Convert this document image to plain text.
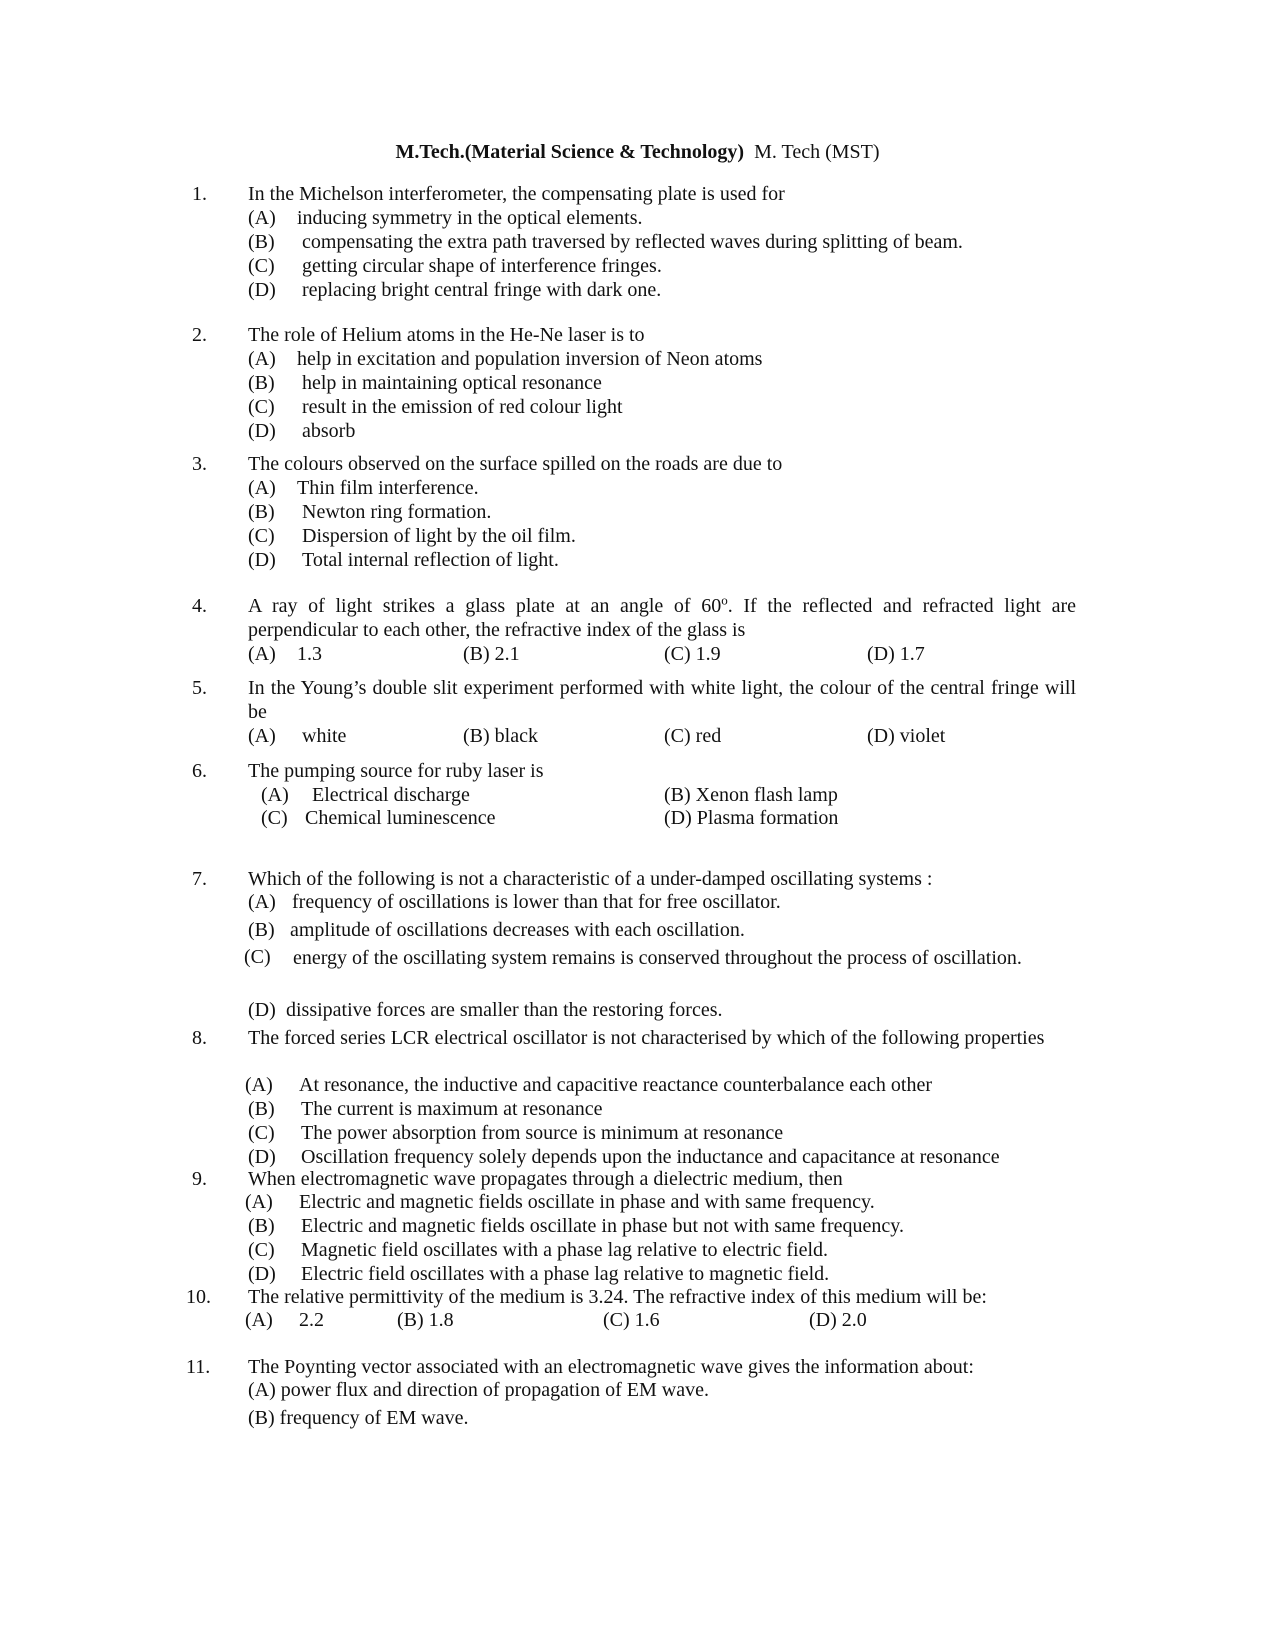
M.Tech.(Material Science & Technology) M. Tech (MST)
1. In the Michelson interferometer, the compensating plate is used for
(A) inducing symmetry in the optical elements.
(B) compensating the extra path traversed by reflected waves during splitting of beam.
(C) getting circular shape of interference fringes.
(D) replacing bright central fringe with dark one.
2. The role of Helium atoms in the He-Ne laser is to
(A) help in excitation and population inversion of Neon atoms
(B) help in maintaining optical resonance
(C) result in the emission of red colour light
(D) absorb
3. The colours observed on the surface spilled on the roads are due to
(A) Thin film interference.
(B) Newton ring formation.
(C) Dispersion of light by the oil film.
(D) Total internal reflection of light.
4. A ray of light strikes a glass plate at an angle of 60$^o$. If the reflected and refracted light are perpendicular to each other, the refractive index of the glass is
(A) 1.3	(B) 2.1	(C) 1.9	(D) 1.7
5. In the Young’s double slit experiment performed with white light, the colour of the central fringe will be
(A) white	(B) black	(C) red	(D) violet
6. The pumping source for ruby laser is
(A) Electrical discharge	(B) Xenon flash lamp
(C) Chemical luminescence	(D) Plasma formation
7. Which of the following is not a characteristic of a under-damped oscillating systems :
(A) frequency of oscillations is lower than that for free oscillator.
(B) amplitude of oscillations decreases with each oscillation.
(C) energy of the oscillating system remains is conserved throughout the process of oscillation.
(D) dissipative forces are smaller than the restoring forces.
8. The forced series LCR electrical oscillator is not characterised by which of the following properties
(A) At resonance, the inductive and capacitive reactance counterbalance each other
(B) The current is maximum at resonance
(C) The power absorption from source is minimum at resonance
(D) Oscillation frequency solely depends upon the inductance and capacitance at resonance
9. When electromagnetic wave propagates through a dielectric medium, then
(A) Electric and magnetic fields oscillate in phase and with same frequency.
(B) Electric and magnetic fields oscillate in phase but not with same frequency.
(C) Magnetic field oscillates with a phase lag relative to electric field.
(D) Electric field oscillates with a phase lag relative to magnetic field.
10. The relative permittivity of the medium is 3.24. The refractive index of this medium will be:
(A) 2.2	(B) 1.8	(C) 1.6	(D) 2.0
11. The Poynting vector associated with an electromagnetic wave gives the information about:
(A) power flux and direction of propagation of EM wave.
(B) frequency of EM wave.
